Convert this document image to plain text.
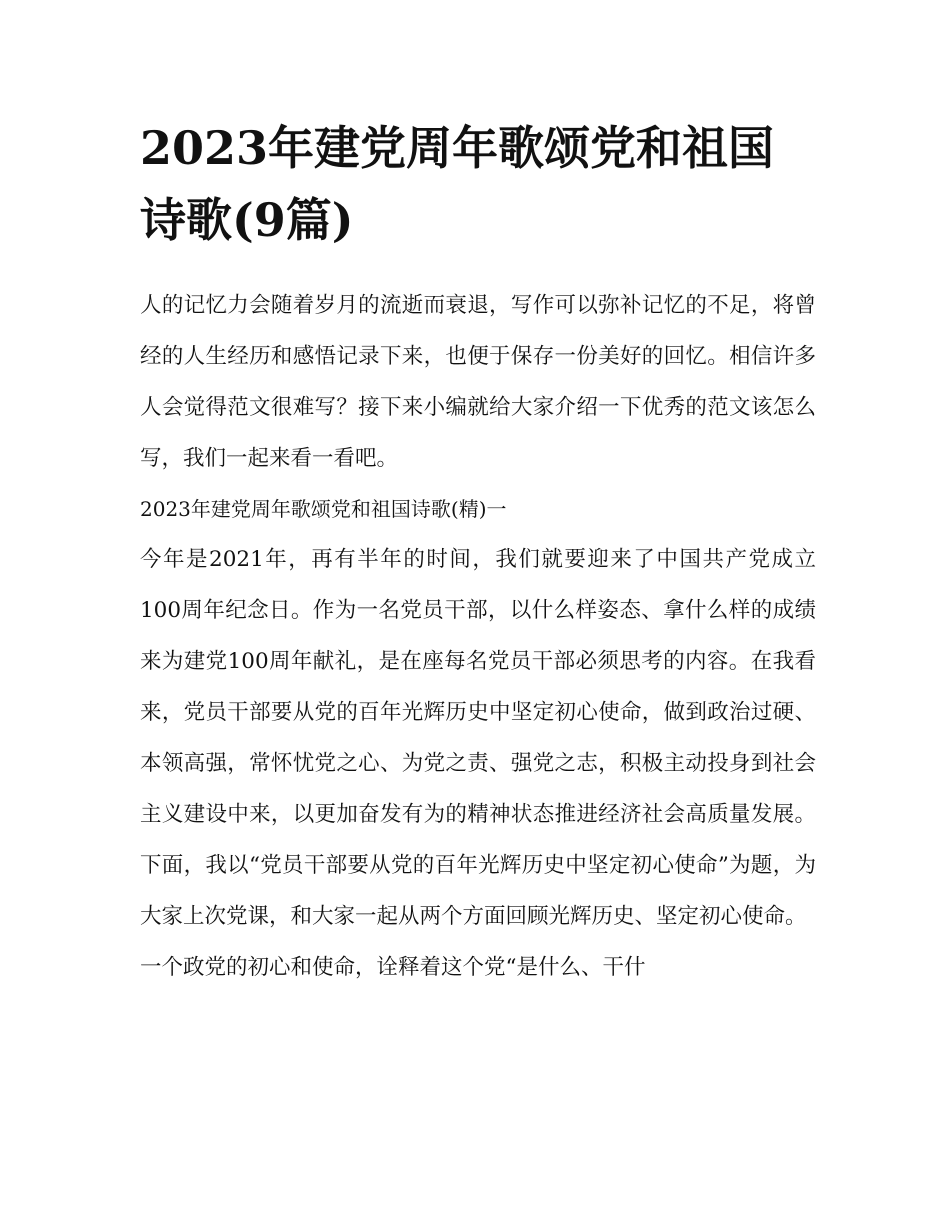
2023年建党周年歌颂党和祖国诗歌(9篇)

人的记忆力会随着岁月的流逝而衰退，写作可以弥补记忆的不足，将曾经的人生经历和感悟记录下来，也便于保存一份美好的回忆。相信许多人会觉得范文很难写？接下来小编就给大家介绍一下优秀的范文该怎么写，我们一起来看一看吧。

2023年建党周年歌颂党和祖国诗歌(精)一

今年是2021年，再有半年的时间，我们就要迎来了中国共产党成立100周年纪念日。作为一名党员干部，以什么样姿态、拿什么样的成绩来为建党100周年献礼，是在座每名党员干部必须思考的内容。在我看来，党员干部要从党的百年光辉历史中坚定初心使命，做到政治过硬、本领高强，常怀忧党之心、为党之责、强党之志，积极主动投身到社会主义建设中来，以更加奋发有为的精神状态推进经济社会高质量发展。下面，我以“党员干部要从党的百年光辉历史中坚定初心使命”为题，为大家上次党课，和大家一起从两个方面回顾光辉历史、坚定初心使命。

一个政党的初心和使命，诠释着这个党“是什么、干什
